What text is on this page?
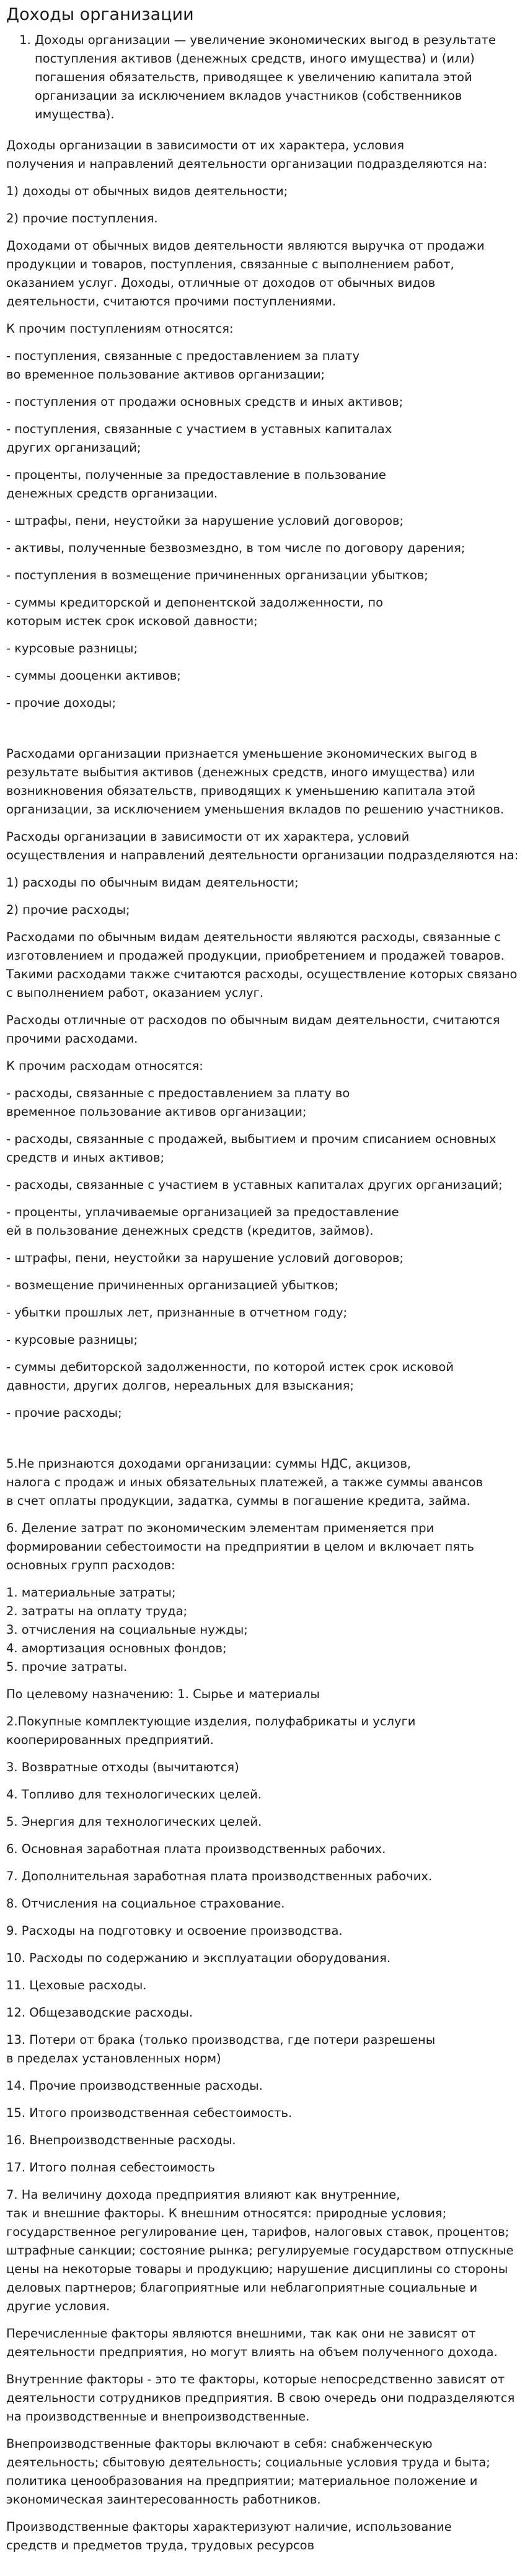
Доходы организации
1. Доходы организации — увеличение экономических выгод в результате поступления активов (денежных средств, иного имущества) и (или) погашения обязательств, приводящее к увеличению капитала этой организации за исключением вкладов участников (собственников имущества).

Доходы организации в зависимости от их характера, условия
получения и направлений деятельности организации подразделяются на:

1) доходы от обычных видов деятельности;

2) прочие поступления.

Доходами от обычных видов деятельности являются выручка от продажи продукции и товаров, поступления, связанные с выполнением работ, оказанием услуг. Доходы, отличные от доходов от обычных видов деятельности, считаются прочими поступлениями.

К прочим поступлениям относятся:

- поступления, связанные с предоставлением за плату
во временное пользование активов организации;

- поступления от продажи основных средств и иных активов;

- поступления, связанные с участием в уставных капиталах
других организаций;

- проценты, полученные за предоставление в пользование
денежных средств организации.

- штрафы, пени, неустойки за нарушение условий договоров;

- активы, полученные безвозмездно, в том числе по договору дарения;

- поступления в возмещение причиненных организации убытков;

- суммы кредиторской и депонентской задолженности, по
которым истек срок исковой давности;

- курсовые разницы;

- суммы дооценки активов;

- прочие доходы;

Расходами организации признается уменьшение экономических выгод в результате выбытия активов (денежных средств, иного имущества) или возникновения обязательств, приводящих к уменьшению капитала этой организации, за исключением уменьшения вкладов по решению участников.

Расходы организации в зависимости от их характера, условий
осуществления и направлений деятельности организации подразделяются на:

1) расходы по обычным видам деятельности;

2) прочие расходы;

Расходами по обычным видам деятельности являются расходы, связанные с изготовлением и продажей продукции, приобретением и продажей товаров. Такими расходами также считаются расходы, осуществление которых связано с выполнением работ, оказанием услуг.

Расходы отличные от расходов по обычным видам деятельности, считаются прочими расходами.

К прочим расходам относятся:

- расходы, связанные с предоставлением за плату во
временное пользование активов организации;

- расходы, связанные с продажей, выбытием и прочим списанием основных средств и иных активов;

- расходы, связанные с участием в уставных капиталах других организаций;

- проценты, уплачиваемые организацией за предоставление
ей в пользование денежных средств (кредитов, займов).

- штрафы, пени, неустойки за нарушение условий договоров;

- возмещение причиненных организацией убытков;

- убытки прошлых лет, признанные в отчетном году;

- курсовые разницы;

- суммы дебиторской задолженности, по которой истек срок исковой давности, других долгов, нереальных для взыскания;

- прочие расходы;

5.Не признаются доходами организации: суммы НДС, акцизов,
налога с продаж и иных обязательных платежей, а также суммы авансов
в счет оплаты продукции, задатка, суммы в погашение кредита, займа.

6. Деление затрат по экономическим элементам применяется при формировании себестоимости на предприятии в целом и включает пять основных групп расходов:

1. материальные затраты;
2. затраты на оплату труда;
3. отчисления на социальные нужды;
4. амортизация основных фондов;
5. прочие затраты.

По целевому назначению: 1. Сырье и материалы

2.Покупные комплектующие изделия, полуфабрикаты и услуги кооперированных предприятий.

3. Возвратные отходы (вычитаются)

4. Топливо для технологических целей.

5. Энергия для технологических целей.

6. Основная заработная плата производственных рабочих.

7. Дополнительная заработная плата производственных рабочих.

8. Отчисления на социальное страхование.

9. Расходы на подготовку и освоение производства.

10. Расходы по содержанию и эксплуатации оборудования.

11. Цеховые расходы.

12. Общезаводские расходы.

13. Потери от брака (только производства, где потери разрешены
в пределах установленных норм)

14. Прочие производственные расходы.

15. Итого производственная себестоимость.

16. Внепроизводственные расходы.

17. Итого полная себестоимость

7. На величину дохода предприятия влияют как внутренние,
так и внешние факторы. К внешним относятся: природные условия; государственное регулирование цен, тарифов, налоговых ставок, процентов; штрафные санкции; состояние рынка; регулируемые государством отпускные цены на некоторые товары и продукцию; нарушение дисциплины со стороны деловых партнеров; благоприятные или неблагоприятные социальные и другие условия.

Перечисленные факторы являются внешними, так как они не зависят от деятельности предприятия, но могут влиять на объем полученного дохода.

Внутренние факторы - это те факторы, которые непосредственно зависят от деятельности сотрудников предприятия. В свою очередь они подразделяются на производственные и внепроизводственные.

Внепроизводственные факторы включают в себя: снабженческую деятельность; сбытовую деятельность; социальные условия труда и быта; политика ценообразования на предприятии; материальное положение и экономическая заинтересованность работников.

Производственные факторы характеризуют наличие, использование
средств и предметов труда, трудовых ресурсов
